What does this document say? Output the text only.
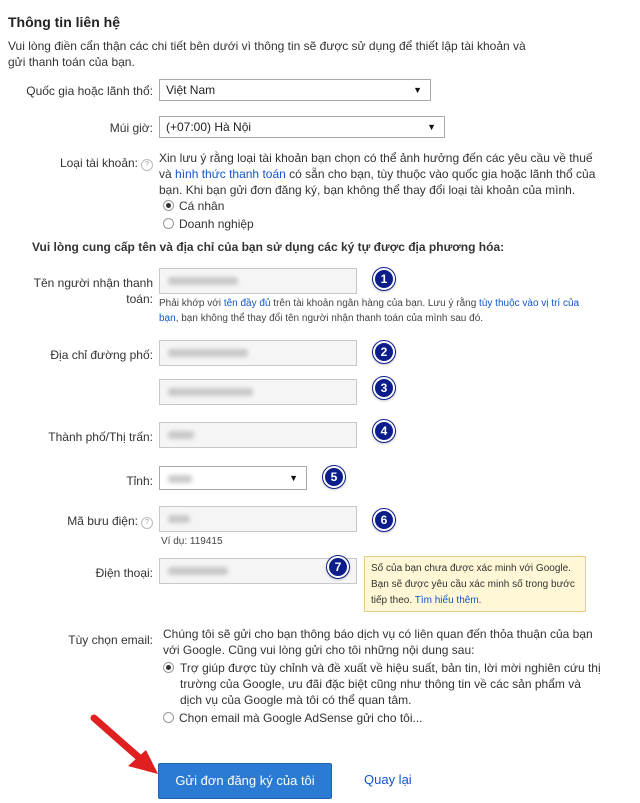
Thông tin liên hệ
Vui lòng điền cẩn thận các chi tiết bên dưới vì thông tin sẽ được sử dụng để thiết lập tài khoản và gửi thanh toán của bạn.
Quốc gia hoặc lãnh thổ:	Việt Nam	▼
Múi giờ:	(+07:00) Hà Nội	▼
Loại tài khoản: ? Xin lưu ý rằng loại tài khoản bạn chọn có thể ảnh hưởng đến các yêu cầu về thuế và hình thức thanh toán có sẵn cho bạn, tùy thuộc vào quốc gia hoặc lãnh thổ của bạn. Khi bạn gửi đơn đăng ký, bạn không thể thay đổi loại tài khoản của mình.
Cá nhân
Doanh nghiệp
Vui lòng cung cấp tên và địa chỉ của bạn sử dụng các ký tự được địa phương hóa:
Tên người nhận thanh
toán:
1
Phải khớp với tên đầy đủ trên tài khoản ngân hàng của bạn. Lưu ý rằng tùy thuộc vào vị trí của bạn, bạn không thể thay đổi tên người nhận thanh toán của mình sau đó.
Địa chỉ đường phố:	2
3
Thành phố/Thị trấn:	4
Tỉnh:	▼	5
Mã bưu điện: ?	6
Ví dụ: 119415
Điện thoại:	7	Số của bạn chưa được xác minh với Google. Bạn sẽ được yêu cầu xác minh số trong bước tiếp theo. Tìm hiểu thêm.
Tùy chọn email: Chúng tôi sẽ gửi cho bạn thông báo dịch vụ có liên quan đến thỏa thuận của bạn với Google. Cũng vui lòng gửi cho tôi những nội dung sau:
Trợ giúp được tùy chỉnh và đề xuất về hiệu suất, bản tin, lời mời nghiên cứu thị trường của Google, ưu đãi đặc biệt cũng như thông tin về các sản phẩm và dịch vụ của Google mà tôi có thể quan tâm.
Chọn email mà Google AdSense gửi cho tôi...
Gửi đơn đăng ký của tôi	Quay lại
